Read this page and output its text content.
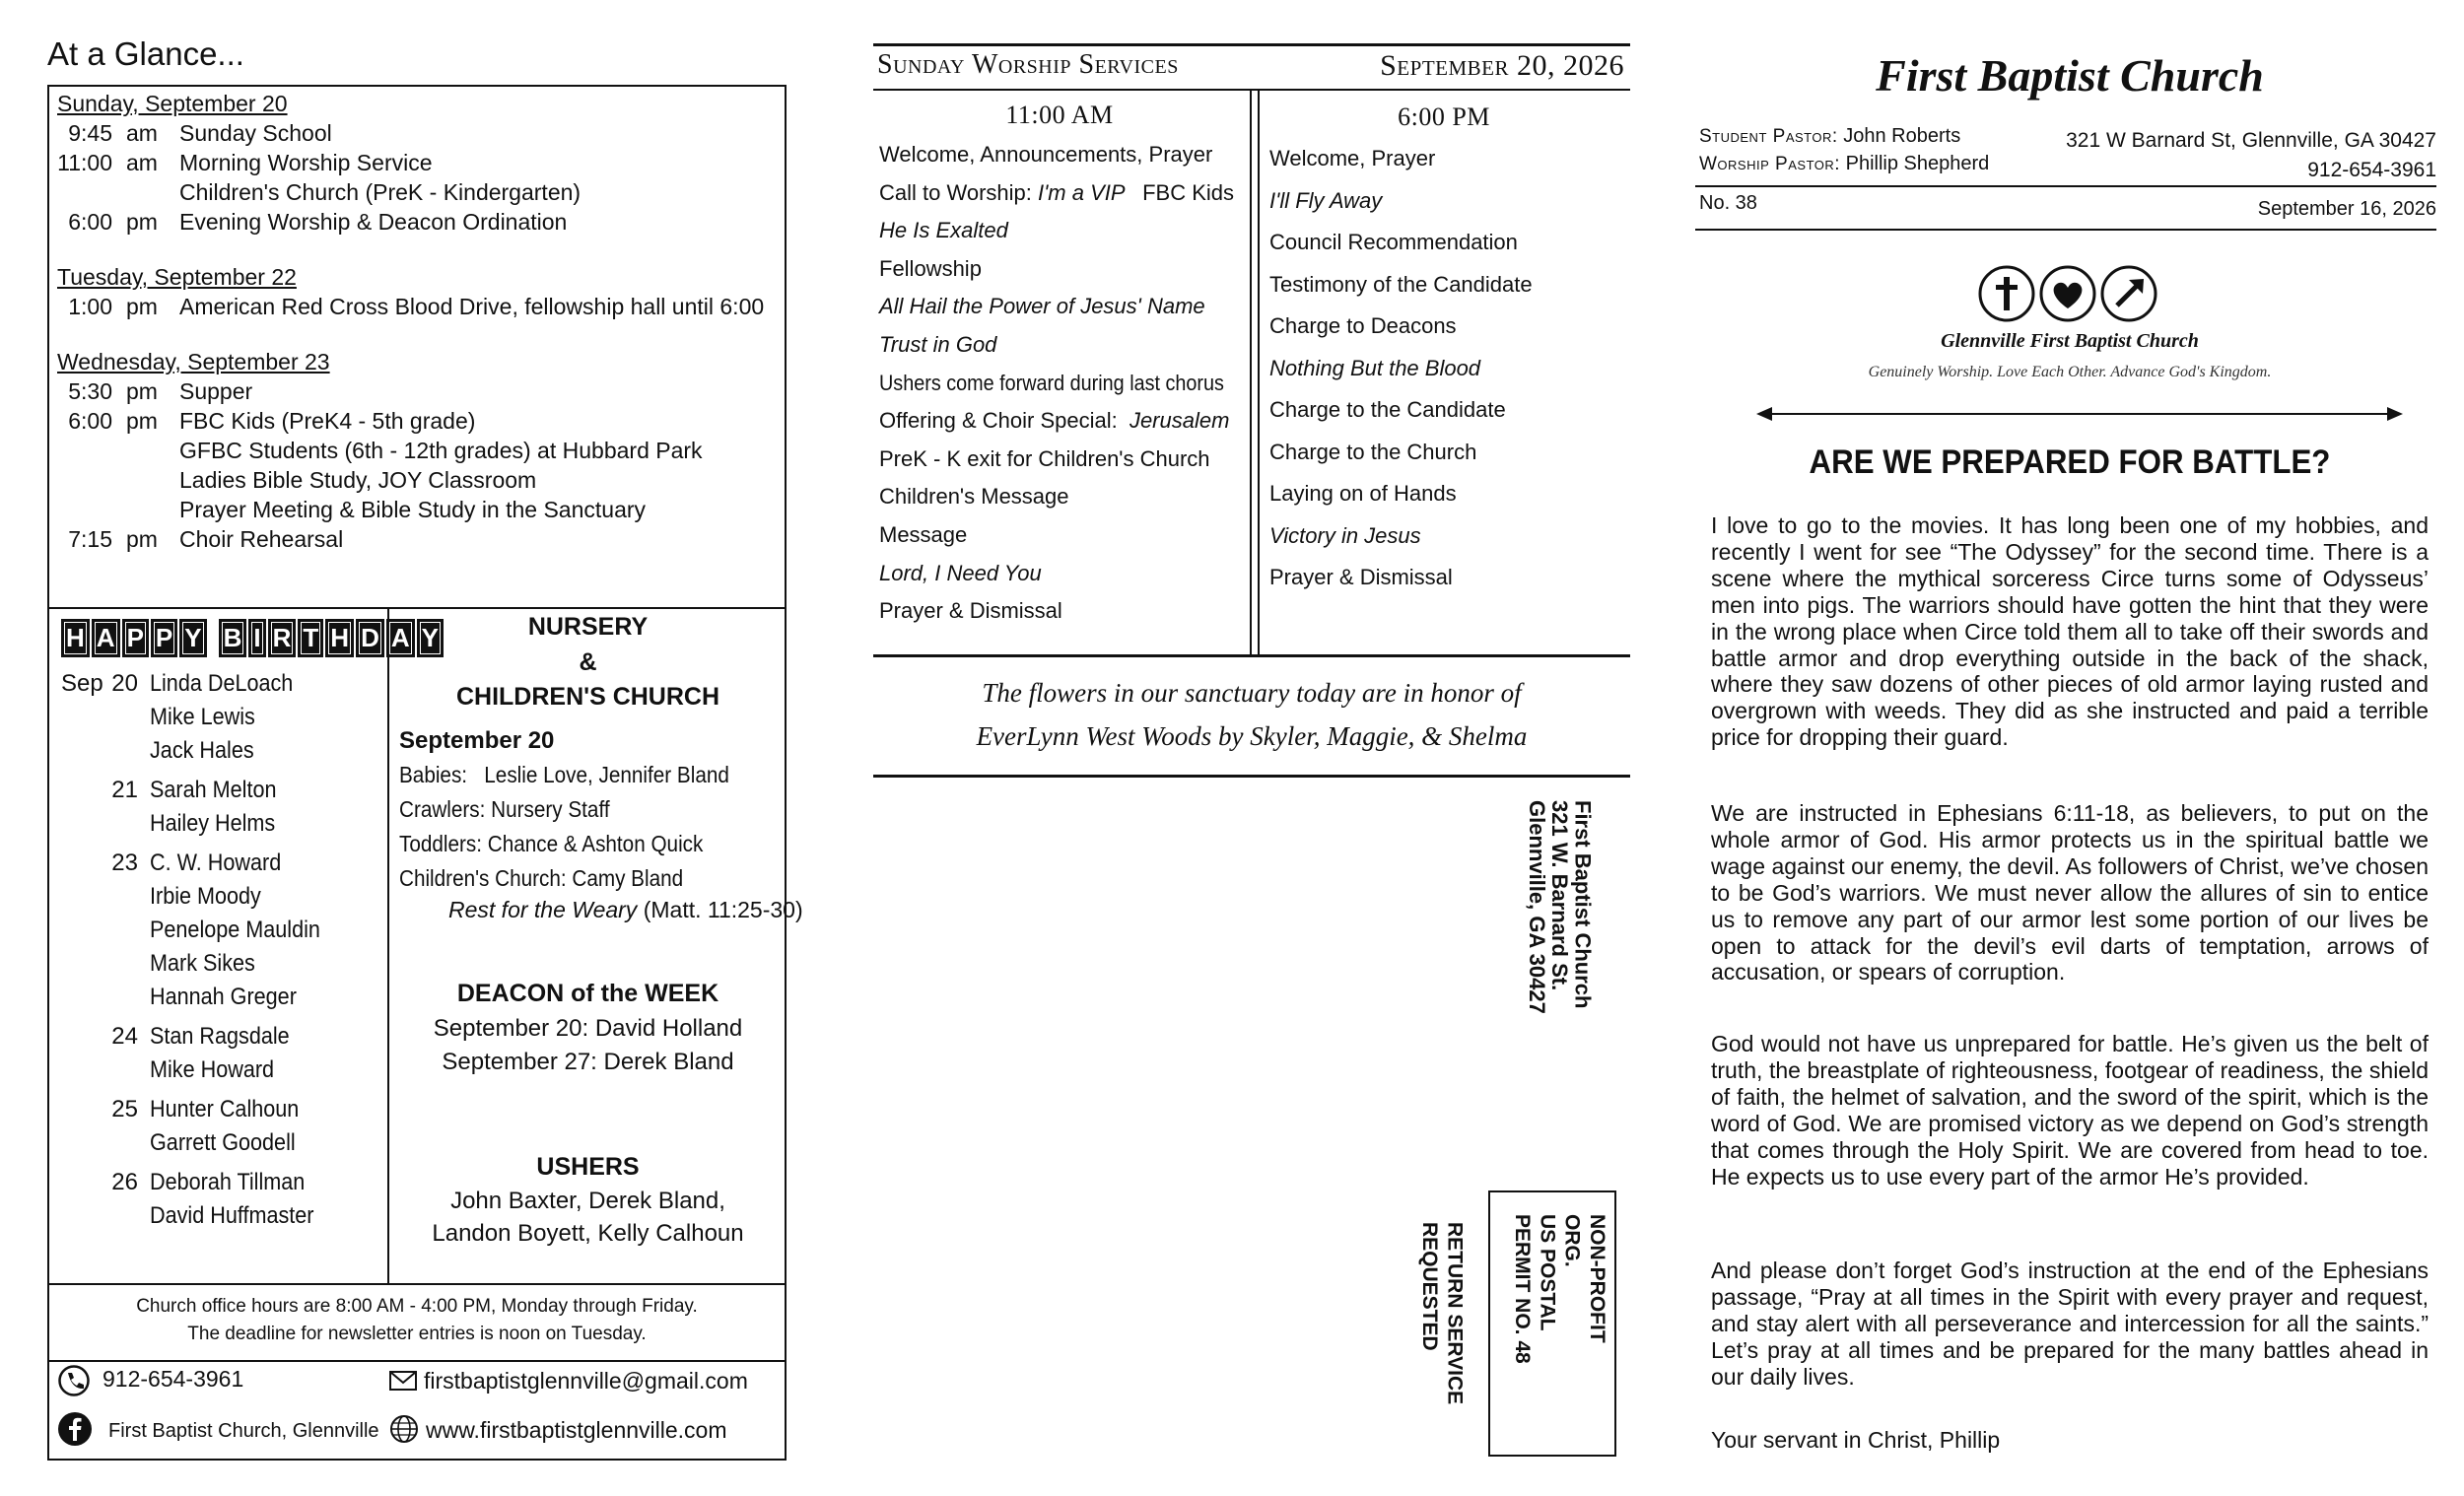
At a Glance...
Sunday, September 20
9:45 am Sunday School
11:00 am Morning Worship Service
Children's Church (PreK - Kindergarten)
6:00 pm Evening Worship & Deacon Ordination
Tuesday, September 22
1:00 pm American Red Cross Blood Drive, fellowship hall until 6:00
Wednesday, September 23
5:30 pm Supper
6:00 pm FBC Kids (PreK4 - 5th grade)
GFBC Students (6th - 12th grades) at Hubbard Park
Ladies Bible Study, JOY Classroom
Prayer Meeting & Bible Study in the Sanctuary
7:15 pm Choir Rehearsal
H A P P Y B I R T H D A Y
Sep 20 Linda DeLoach
Mike Lewis
Jack Hales
21 Sarah Melton
Hailey Helms
23 C. W. Howard
Irbie Moody
Penelope Mauldin
Mark Sikes
Hannah Greger
24 Stan Ragsdale
Mike Howard
25 Hunter Calhoun
Garrett Goodell
26 Deborah Tillman
David Huffmaster
NURSERY
&
CHILDREN'S CHURCH
September 20
Babies:   Leslie Love, Jennifer Bland
Crawlers: Nursery Staff
Toddlers: Chance & Ashton Quick
Children's Church: Camy Bland
Rest for the Weary (Matt. 11:25-30)
DEACON of the WEEK
September 20: David Holland
September 27: Derek Bland
USHERS
John Baxter, Derek Bland,
Landon Boyett, Kelly Calhoun
Church office hours are 8:00 AM - 4:00 PM, Monday through Friday.
The deadline for newsletter entries is noon on Tuesday.
912-654-3961	firstbaptistglennville@gmail.com
First Baptist Church, Glennville www.firstbaptistglennville.com
Sunday Worship Services	September 20, 2026
11:00 AM	6:00 PM
Welcome, Announcements, Prayer
Call to Worship: I'm a VIP FBC Kids
He Is Exalted
Fellowship
All Hail the Power of Jesus' Name
Trust in God
Ushers come forward during last chorus
Offering & Choir Special:  Jerusalem
PreK - K exit for Children's Church
Children's Message
Message
Lord, I Need You
Prayer & Dismissal
Welcome, Prayer
I'll Fly Away
Council Recommendation
Testimony of the Candidate
Charge to Deacons
Nothing But the Blood
Charge to the Candidate
Charge to the Church
Laying on of Hands
Victory in Jesus
Prayer & Dismissal
The flowers in our sanctuary today are in honor of
EverLynn West Woods by Skyler, Maggie, & Shelma
First Baptist Church
321 W. Barnard St.
Glennville, GA 30427
NON-PROFIT
ORG.
US POSTAL
PERMIT NO. 48
RETURN SERVICE
REQUESTED
First Baptist Church
Student Pastor: John Roberts
Worship Pastor: Phillip Shepherd
321 W Barnard St, Glennville, GA 30427
912-654-3961
No. 38	September 16, 2026
Glennville First Baptist Church
Genuinely Worship. Love Each Other. Advance God's Kingdom.
ARE WE PREPARED FOR BATTLE?
I love to go to the movies. It has long been one of my hobbies, and recently I went for see “The Odyssey” for the second time. There is a scene where the mythical sorceress Circe turns some of Odysseus’ men into pigs. The warriors should have gotten the hint that they were in the wrong place when Circe told them all to take off their swords and battle armor and drop everything outside in the back of the shack, where they saw dozens of other pieces of old armor laying rusted and overgrown with weeds. They did as she instructed and paid a terrible price for dropping their guard.
We are instructed in Ephesians 6:11-18, as believers, to put on the whole armor of God. His armor protects us in the spiritual battle we wage against our enemy, the devil. As followers of Christ, we’ve chosen to be God’s warriors. We must never allow the allures of sin to entice us to remove any part of our armor lest some portion of our lives be open to attack for the devil’s evil darts of temptation, arrows of accusation, or spears of corruption.
God would not have us unprepared for battle. He’s given us the belt of truth, the breastplate of righteousness, footgear of readiness, the shield of faith, the helmet of salvation, and the sword of the spirit, which is the word of God. We are promised victory as we depend on God’s strength that comes through the Holy Spirit. We are covered from head to toe. He expects us to use every part of the armor He’s provided.
And please don’t forget God’s instruction at the end of the Ephesians passage, “Pray at all times in the Spirit with every prayer and request, and stay alert with all perseverance and intercession for all the saints.” Let’s pray at all times and be prepared for the many battles ahead in our daily lives.
Your servant in Christ, Phillip
